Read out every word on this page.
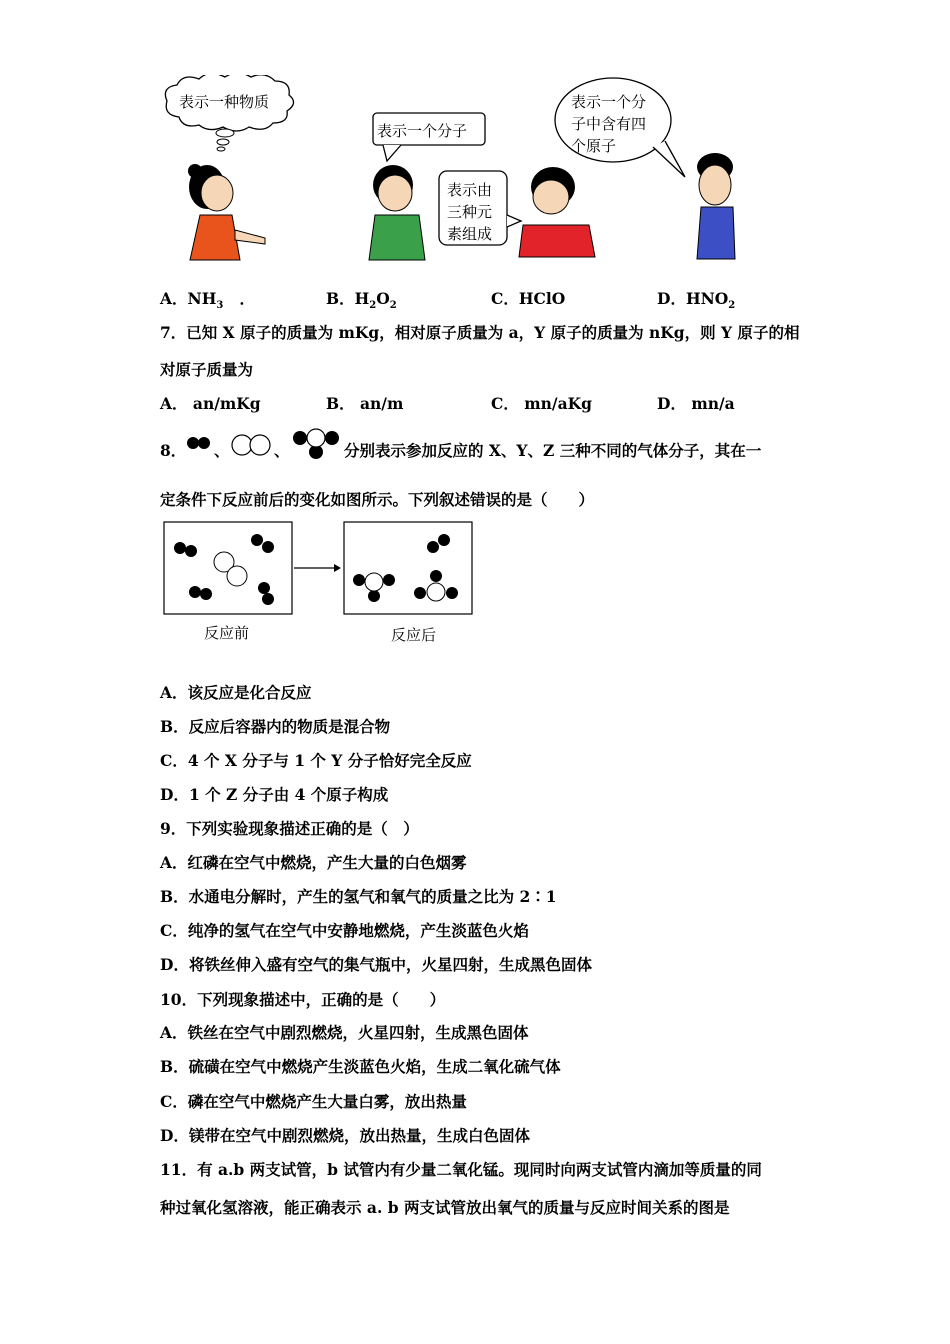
表示一种物质
表示一个分子
表示由
三种元
素组成
表示一个分
子中含有四
个原子
A．$NH_3$   ．	B．$H_2O_2$	C．HClO	D．$HNO_2$
7．已知 X 原子的质量为 mKg，相对原子质量为 a，Y 原子的质量为 nKg，则 Y 原子的相
对原子质量为
A． an/mKg	B． an/m	C． mn/aKg	D． mn/a
8． 、	、	分别表示参加反应的 X、Y、Z 三种不同的气体分子，其在一
定条件下反应前后的变化如图所示。下列叙述错误的是（　　）
反应前	反应后
A．该反应是化合反应
B．反应后容器内的物质是混合物
C．4 个 X 分子与 1 个 Y 分子恰好完全反应
D．1 个 Z 分子由 4 个原子构成
9．下列实验现象描述正确的是（　）
A．红磷在空气中燃烧，产生大量的白色烟雾
B．水通电分解时，产生的氢气和氧气的质量之比为 2∶1
C．纯净的氢气在空气中安静地燃烧，产生淡蓝色火焰
D．将铁丝伸入盛有空气的集气瓶中，火星四射，生成黑色固体
10．下列现象描述中，正确的是（　　）
A．铁丝在空气中剧烈燃烧，火星四射，生成黑色固体
B．硫磺在空气中燃烧产生淡蓝色火焰，生成二氧化硫气体
C．磷在空气中燃烧产生大量白雾，放出热量
D．镁带在空气中剧烈燃烧，放出热量，生成白色固体
11．有 a.b 两支试管，b 试管内有少量二氧化锰。现同时向两支试管内滴加等质量的同
种过氧化氢溶液，能正确表示 a. b 两支试管放出氧气的质量与反应时间关系的图是
